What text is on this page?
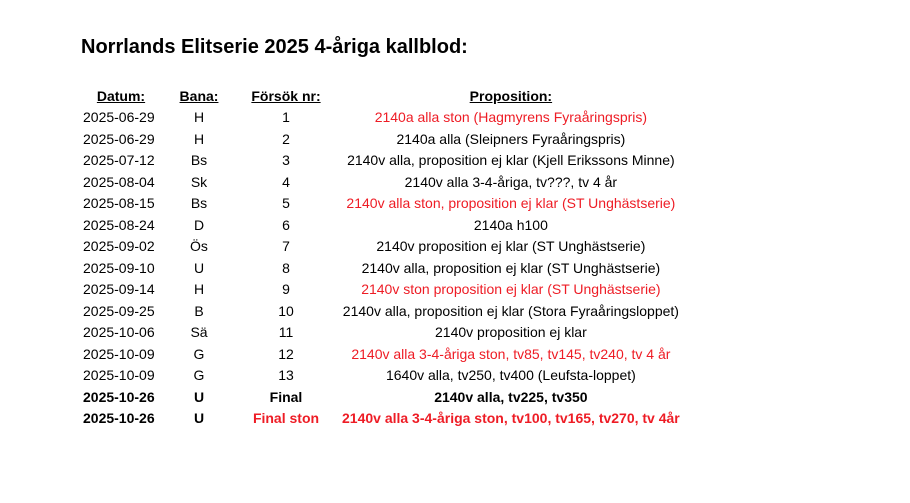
Norrlands Elitserie 2025 4-åriga kallblod:
Datum:	Bana:	Försök nr:	Proposition:
2025-06-29	H	1	2140a alla ston (Hagmyrens Fyraåringspris)
2025-06-29	H	2	2140a alla (Sleipners Fyraåringspris)
2025-07-12	Bs	3	2140v alla, proposition ej klar (Kjell Erikssons Minne)
2025-08-04	Sk	4	2140v alla 3-4-åriga, tv???, tv 4 år
2025-08-15	Bs	5	2140v alla ston, proposition ej klar (ST Unghästserie)
2025-08-24	D	6	2140a h100
2025-09-02	Ös	7	2140v proposition ej klar (ST Unghästserie)
2025-09-10	U	8	2140v alla, proposition ej klar (ST Unghästserie)
2025-09-14	H	9	2140v ston proposition ej klar (ST Unghästserie)
2025-09-25	B	10	2140v alla, proposition ej klar (Stora Fyraåringsloppet)
2025-10-06	Sä	11	2140v proposition ej klar
2025-10-09	G	12	2140v alla 3-4-åriga ston, tv85, tv145, tv240, tv 4 år
2025-10-09	G	13	1640v alla, tv250, tv400 (Leufsta-loppet)
2025-10-26	U	Final	2140v alla, tv225, tv350
2025-10-26	U	Final ston	2140v alla 3-4-åriga ston, tv100, tv165, tv270, tv 4år
